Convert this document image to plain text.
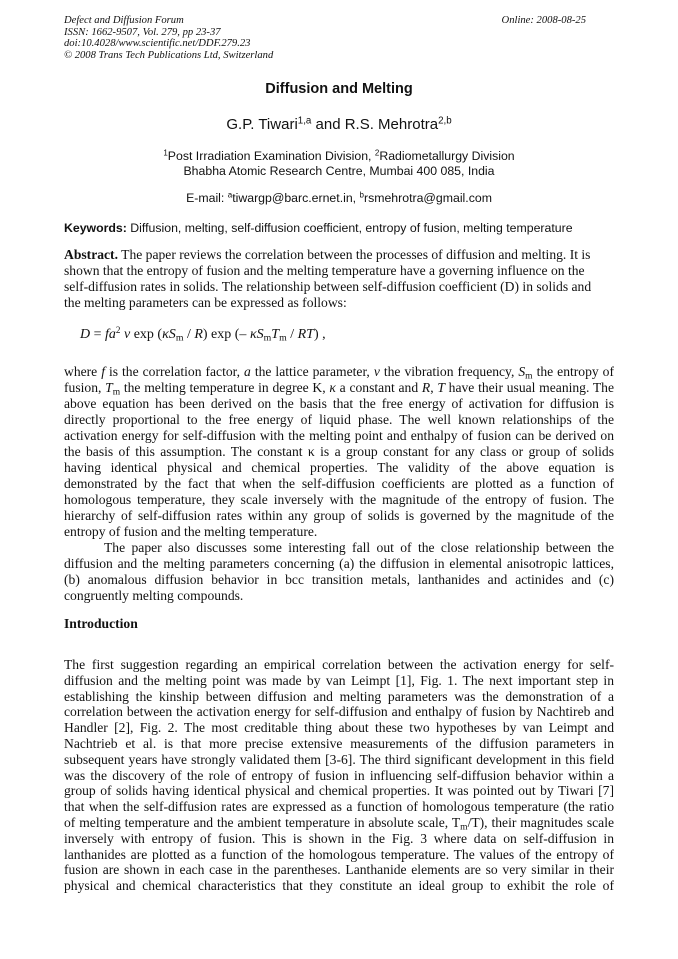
Defect and Diffusion Forum
ISSN: 1662-9507, Vol. 279, pp 23-37
doi:10.4028/www.scientific.net/DDF.279.23
© 2008 Trans Tech Publications Ltd, Switzerland
Online: 2008-08-25
Diffusion and Melting
G.P. Tiwari$^{1,a}$ and R.S. Mehrotra$^{2,b}$
$^1$Post Irradiation Examination Division, $^2$Radiometallurgy Division
Bhabha Atomic Research Centre, Mumbai 400 085, India
E-mail: $^a$tiwargp@barc.ernet.in, $^b$rsmehrotra@gmail.com
Keywords: Diffusion, melting, self-diffusion coefficient, entropy of fusion, melting temperature
Abstract. The paper reviews the correlation between the processes of diffusion and melting. It is
shown that the entropy of fusion and the melting temperature have a governing influence on the
self-diffusion rates in solids. The relationship between self-diffusion coefficient (D) in solids and
the melting parameters can be expressed as follows:
$D = fa^2$ ν $\exp (\kappa S_m / R)$ exp (– $\kappa S_mT_m / RT$) ,
where f is the correlation factor, a the lattice parameter, ν the vibration frequency, $S_m$ the entropy of
fusion, $T_m$ the melting temperature in degree K, κ a constant and R, T have their usual meaning. The
above equation has been derived on the basis that the free energy of activation for diffusion is
directly proportional to the free energy of liquid phase. The well known relationships of the
activation energy for self-diffusion with the melting point and enthalpy of fusion can be derived on
the basis of this assumption. The constant κ is a group constant for any class or group of solids
having identical physical and chemical properties. The validity of the above equation is
demonstrated by the fact that when the self-diffusion coefficients are plotted as a function of
homologous temperature, they scale inversely with the magnitude of the entropy of fusion. The
hierarchy of self-diffusion rates within any group of solids is governed by the magnitude of the
entropy of fusion and the melting temperature.
The paper also discusses some interesting fall out of the close relationship between the
diffusion and the melting parameters concerning (a) the diffusion in elemental anisotropic lattices,
(b) anomalous diffusion behavior in bcc transition metals, lanthanides and actinides and (c)
congruently melting compounds.
Introduction
The first suggestion regarding an empirical correlation between the activation energy for self-
diffusion and the melting point was made by van Leimpt [1], Fig. 1. The next important step in
establishing the kinship between diffusion and melting parameters was the demonstration of a
correlation between the activation energy for self-diffusion and enthalpy of fusion by Nachtireb and
Handler [2], Fig. 2. The most creditable thing about these two hypotheses by van Leimpt and
Nachtrieb et al. is that more precise extensive measurements of the diffusion parameters in
subsequent years have strongly validated them [3-6]. The third significant development in this field
was the discovery of the role of entropy of fusion in influencing self-diffusion behavior within a
group of solids having identical physical and chemical properties. It was pointed out by Tiwari [7]
that when the self-diffusion rates are expressed as a function of homologous temperature (the ratio
of melting temperature and the ambient temperature in absolute scale, $T_m/T$), their magnitudes scale
inversely with entropy of fusion. This is shown in the Fig. 3 where data on self-diffusion in
lanthanides are plotted as a function of the homologous temperature. The values of the entropy of
fusion are shown in each case in the parentheses. Lanthanide elements are so very similar in their
physical and chemical characteristics that they constitute an ideal group to exhibit the role of
